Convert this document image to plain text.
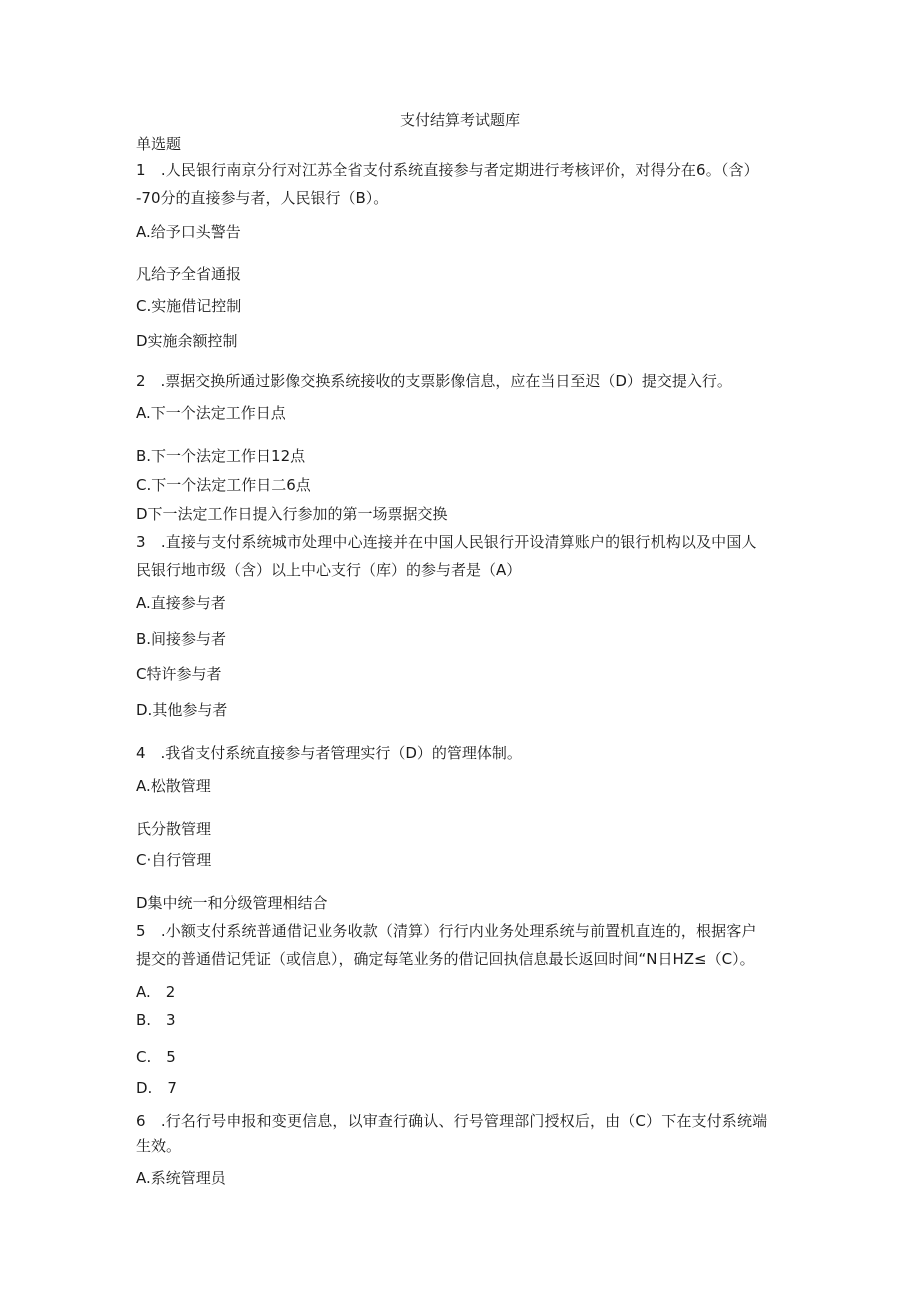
支付结算考试题库

单选题

1　.人民银行南京分行对江苏全省支付系统直接参与者定期进行考核评价，对得分在6。（含）

-70分的直接参与者，人民银行（B）。

A.给予口头警告

凡给予全省通报

C.实施借记控制

D实施余额控制

2　.票据交换所通过影像交换系统接收的支票影像信息，应在当日至迟（D）提交提入行。

A.下一个法定工作日点

B.下一个法定工作日12点

C.下一个法定工作日二6点

D下一法定工作日提入行参加的第一场票据交换

3　.直接与支付系统城市处理中心连接并在中国人民银行开设清算账户的银行机构以及中国人

民银行地市级（含）以上中心支行（库）的参与者是（A）

A.直接参与者

B.间接参与者

C特许参与者

D.其他参与者

4　.我省支付系统直接参与者管理实行（D）的管理体制。

A.松散管理

氏分散管理

C·自行管理

D集中统一和分级管理相结合

5　.小额支付系统普通借记业务收款（清算）行行内业务处理系统与前置机直连的，根据客户

提交的普通借记凭证（或信息），确定每笔业务的借记回执信息最长返回时间“N日HZ≤（C）。

A.　2

B.　3

C.　5

D.　7

6　.行名行号申报和变更信息，以审查行确认、行号管理部门授权后，由（C）下在支付系统端

生效。

A.系统管理员
